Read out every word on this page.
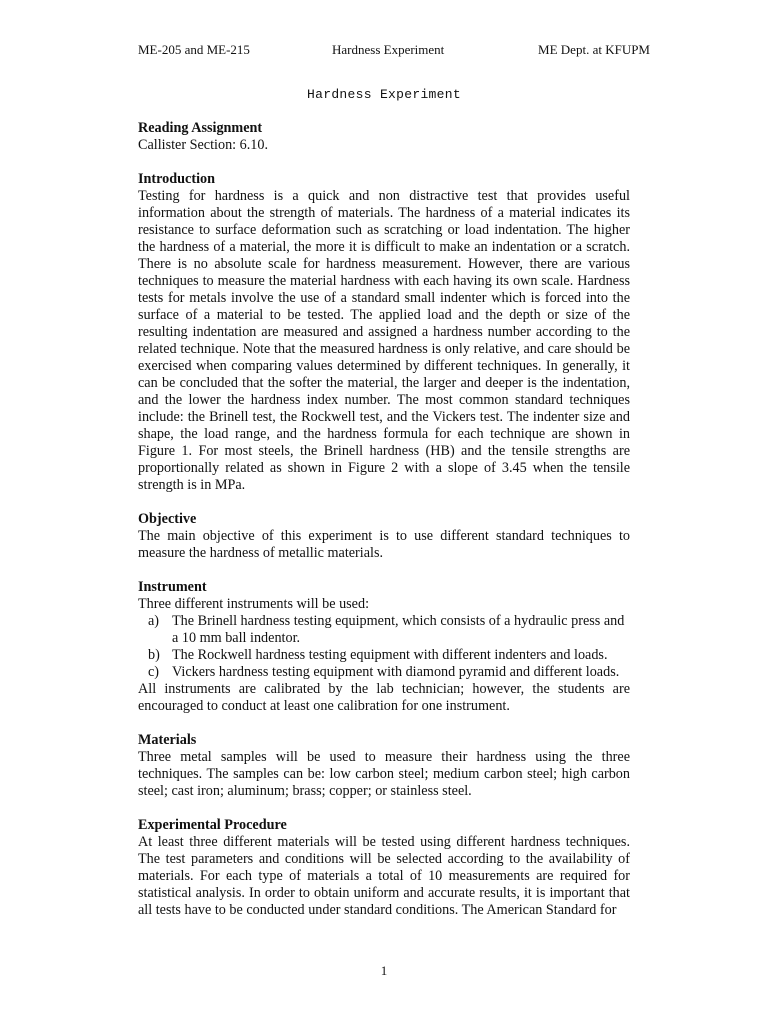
ME-205 and ME-215	Hardness Experiment	ME Dept. at KFUPM
Hardness Experiment
Reading Assignment

Callister Section: 6.10.

Introduction

Testing for hardness is a quick and non distractive test that provides useful information about the strength of materials. The hardness of a material indicates its resistance to surface deformation such as scratching or load indentation. The higher the hardness of a material, the more it is difficult to make an indentation or a scratch. There is no absolute scale for hardness measurement. However, there are various techniques to measure the material hardness with each having its own scale. Hardness tests for metals involve the use of a standard small indenter which is forced into the surface of a material to be tested. The applied load and the depth or size of the resulting indentation are measured and assigned a hardness number according to the related technique. Note that the measured hardness is only relative, and care should be exercised when comparing values determined by different techniques. In generally, it can be concluded that the softer the material, the larger and deeper is the indentation, and the lower the hardness index number. The most common standard techniques include: the Brinell test, the Rockwell test, and the Vickers test. The indenter size and shape, the load range, and the hardness formula for each technique are shown in Figure 1. For most steels, the Brinell hardness (HB) and the tensile strengths are proportionally related as shown in Figure 2 with a slope of 3.45 when the tensile strength is in MPa.

Objective

The main objective of this experiment is to use different standard techniques to measure the hardness of metallic materials.

Instrument

Three different instruments will be used:

a) The Brinell hardness testing equipment, which consists of a hydraulic press and a 10 mm ball indentor.
b) The Rockwell hardness testing equipment with different indenters and loads.
c) Vickers hardness testing equipment with diamond pyramid and different loads.

All instruments are calibrated by the lab technician; however, the students are encouraged to conduct at least one calibration for one instrument.

Materials

Three metal samples will be used to measure their hardness using the three techniques. The samples can be: low carbon steel; medium carbon steel; high carbon steel; cast iron; aluminum; brass; copper; or stainless steel.

Experimental Procedure

At least three different materials will be tested using different hardness techniques. The test parameters and conditions will be selected according to the availability of materials. For each type of materials a total of 10 measurements are required for statistical analysis. In order to obtain uniform and accurate results, it is important that all tests have to be conducted under standard conditions. The American Standard for

1
